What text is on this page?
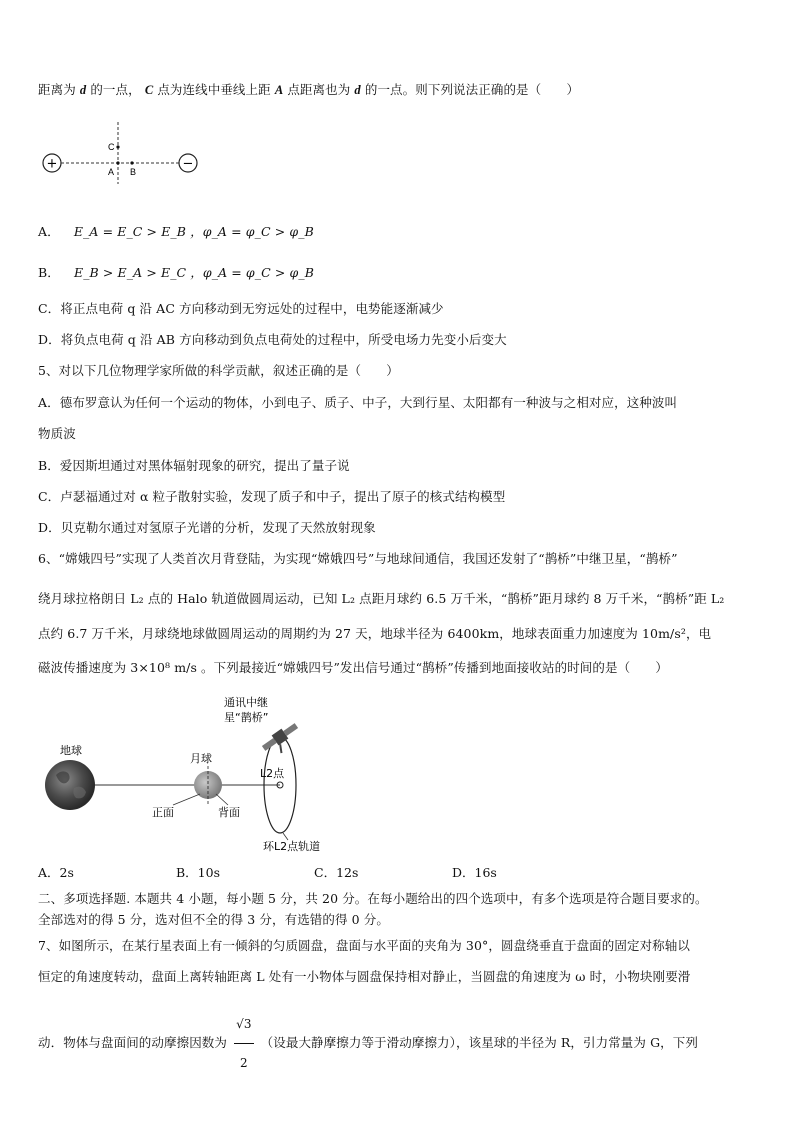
距离为 d 的一点， C 点为连线中垂线上距 A 点距离也为 d 的一点。则下列说法正确的是（　　）
+	−
C
A B
A． E_A = E_C > E_B ，φ_A = φ_C > φ_B
B． E_B > E_A > E_C ，φ_A = φ_C > φ_B
C．将正点电荷 q 沿 AC 方向移动到无穷远处的过程中，电势能逐渐减少
D．将负点电荷 q 沿 AB 方向移动到负点电荷处的过程中，所受电场力先变小后变大
5、对以下几位物理学家所做的科学贡献，叙述正确的是（　　）
A．德布罗意认为任何一个运动的物体，小到电子、质子、中子，大到行星、太阳都有一种波与之相对应，这种波叫
物质波
B．爱因斯坦通过对黑体辐射现象的研究，提出了量子说
C．卢瑟福通过对 α 粒子散射实验，发现了质子和中子，提出了原子的核式结构模型
D．贝克勒尔通过对氢原子光谱的分析，发现了天然放射现象
6、“嫦娥四号”实现了人类首次月背登陆，为实现“嫦娥四号”与地球间通信，我国还发射了“鹊桥”中继卫星，“鹊桥”
绕月球拉格朗日 L₂ 点的 Halo 轨道做圆周运动，已知 L₂ 点距月球约 6.5 万千米，“鹊桥”距月球约 8 万千米，“鹊桥”距 L₂
点约 6.7 万千米，月球绕地球做圆周运动的周期约为 27 天，地球半径为 6400km，地球表面重力加速度为 10m/s²，电
磁波传播速度为 3×10⁸ m/s 。下列最接近“嫦娥四号”发出信号通过“鹊桥”传播到地面接收站的时间的是（　　）
地球
月球
正面	背面
L2点
通讯中继
星“鹊桥”
环L2点轨道
A．2s	B．10s	C．12s	D．16s
二、多项选择题. 本题共 4 小题，每小题 5 分，共 20 分。在每小题给出的四个选项中，有多个选项是符合题目要求的。
全部选对的得 5 分，选对但不全的得 3 分，有选错的得 0 分。
7、如图所示，在某行星表面上有一倾斜的匀质圆盘，盘面与水平面的夹角为 30°，圆盘绕垂直于盘面的固定对称轴以
恒定的角速度转动，盘面上离转轴距离 L 处有一小物体与圆盘保持相对静止，当圆盘的角速度为 ω 时，小物块刚要滑
动．物体与盘面间的动摩擦因数为 $\frac{√3}{2}$ （设最大静摩擦力等于滑动摩擦力），该星球的半径为 R，引力常量为 G，下列
